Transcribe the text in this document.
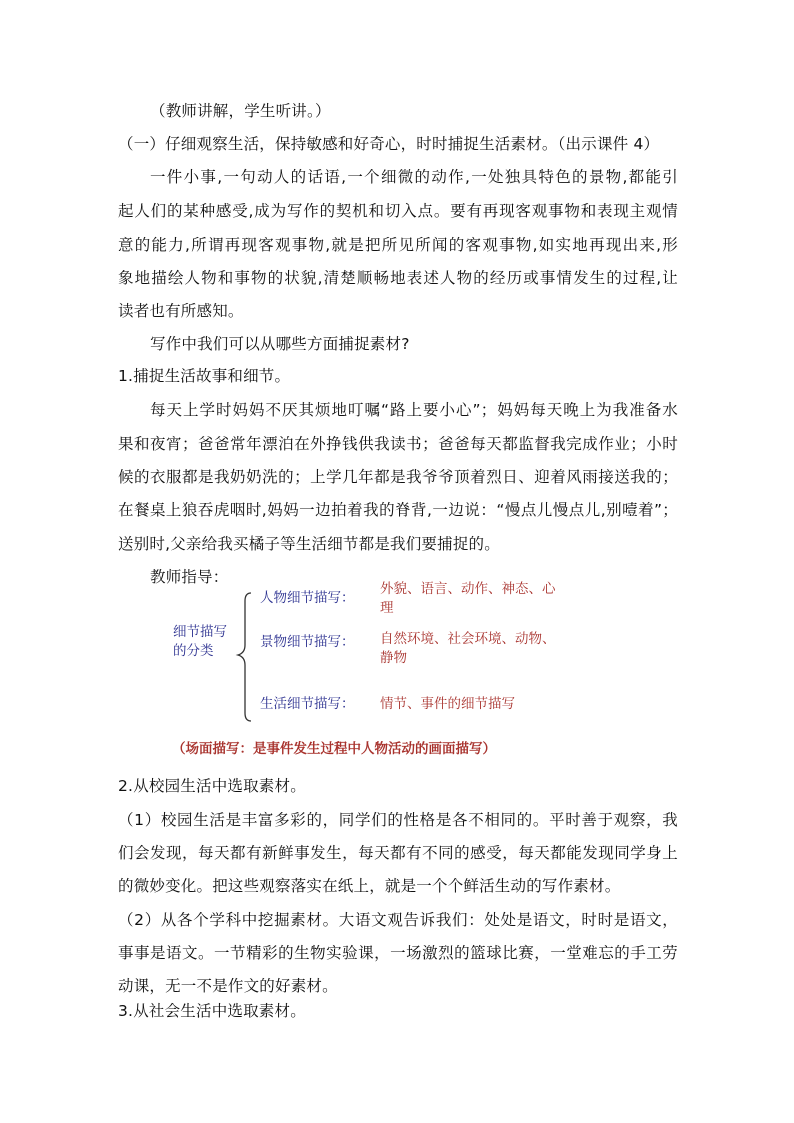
（教师讲解，学生听讲。）
（一）仔细观察生活，保持敏感和好奇心，时时捕捉生活素材。（出示课件 4）
一件小事,一句动人的话语,一个细微的动作,一处独具特色的景物,都能引
起人们的某种感受,成为写作的契机和切入点。要有再现客观事物和表现主观情
意的能力,所谓再现客观事物,就是把所见所闻的客观事物,如实地再现出来,形
象地描绘人物和事物的状貌,清楚顺畅地表述人物的经历或事情发生的过程,让
读者也有所感知。
写作中我们可以从哪些方面捕捉素材?
1.捕捉生活故事和细节。
每天上学时妈妈不厌其烦地叮嘱“路上要小心”；妈妈每天晚上为我准备水
果和夜宵；爸爸常年漂泊在外挣钱供我读书；爸爸每天都监督我完成作业；小时
候的衣服都是我奶奶洗的；上学几年都是我爷爷顶着烈日、迎着风雨接送我的；
在餐桌上狼吞虎咽时,妈妈一边拍着我的脊背,一边说：“慢点儿慢点儿,别噎着”；
送别时,父亲给我买橘子等生活细节都是我们要捕捉的。
教师指导：
细节描写
的分类
人物细节描写：
外貌、语言、动作、神态、心
理
景物细节描写： 自然环境、社会环境、动物、
静物
生活细节描写： 情节、事件的细节描写
（场面描写：是事件发生过程中人物活动的画面描写）
2.从校园生活中选取素材。
（1）校园生活是丰富多彩的，同学们的性格是各不相同的。平时善于观察，我
们会发现，每天都有新鲜事发生，每天都有不同的感受，每天都能发现同学身上
的微妙变化。把这些观察落实在纸上，就是一个个鲜活生动的写作素材。
（2）从各个学科中挖掘素材。大语文观告诉我们：处处是语文，时时是语文，
事事是语文。一节精彩的生物实验课，一场激烈的篮球比赛，一堂难忘的手工劳
动课，无一不是作文的好素材。
3.从社会生活中选取素材。
